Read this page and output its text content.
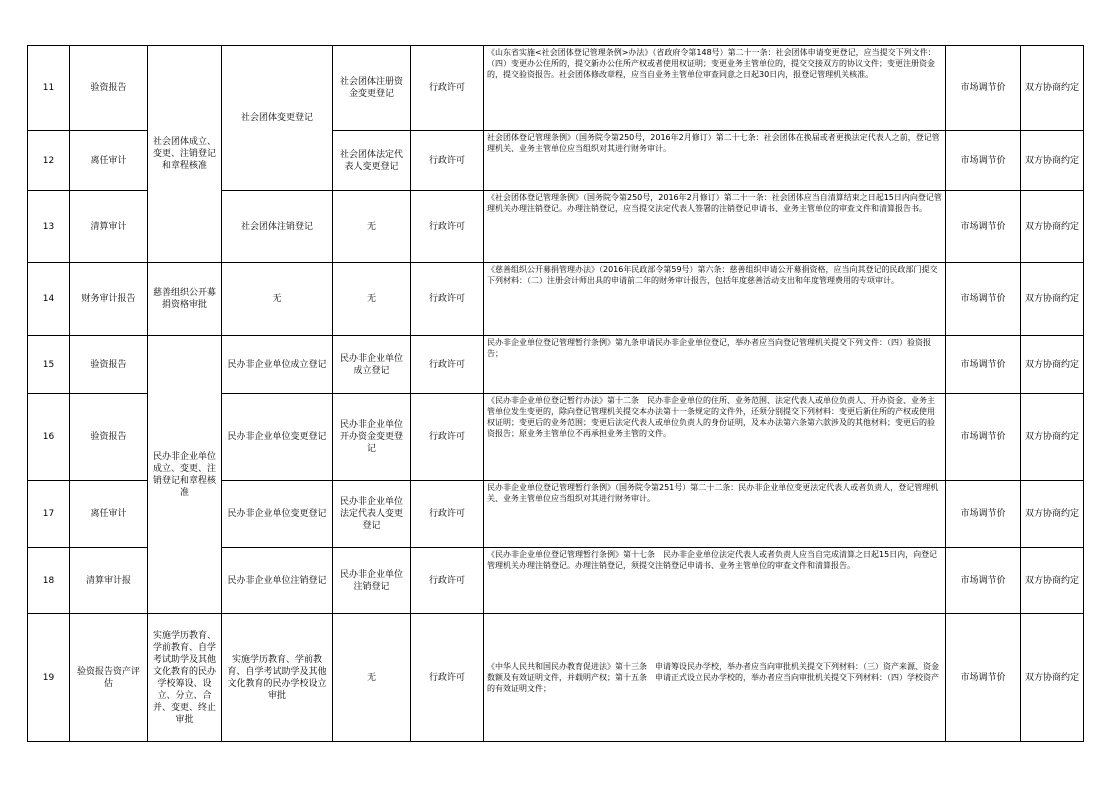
11	验资报告	社会团体成立、变更、注销登记和章程核准	社会团体变更登记	社会团体注册资金变更登记	行政许可	《山东省实施<社会团体登记管理条例>办法》（省政府令第148号）第二十一条：社会团体申请变更登记，应当提交下列文件：（四）变更办公住所的，提交新办公住所产权或者使用权证明；变更业务主管单位的，提交交接双方的协议文件；变更注册资金的，提交验资报告。社会团体修改章程，应当自业务主管单位审查同意之日起30日内，报登记管理机关核准。	市场调节价	双方协商约定
12	离任审计			社会团体法定代表人变更登记	行政许可	社会团体登记管理条例》（国务院令第250号，2016年2月修订）第二十七条：社会团体在换届或者更换法定代表人之前，登记管理机关、业务主管单位应当组织对其进行财务审计。	市场调节价	双方协商约定
13	清算审计		社会团体注销登记	无	行政许可	《社会团体登记管理条例》（国务院令第250号，2016年2月修订）第二十一条：社会团体应当自清算结束之日起15日内向登记管理机关办理注销登记。办理注销登记，应当提交法定代表人签署的注销登记申请书、业务主管单位的审查文件和清算报告书。	市场调节价	双方协商约定
14	财务审计报告	慈善组织公开募捐资格审批	无	无	行政许可	《慈善组织公开募捐管理办法》（2016年民政部令第59号）第六条：慈善组织申请公开募捐资格，应当向其登记的民政部门提交下列材料：（二）注册会计师出具的申请前二年的财务审计报告，包括年度慈善活动支出和年度管理费用的专项审计。	市场调节价	双方协商约定
15	验资报告	民办非企业单位成立、变更、注销登记和章程核准	民办非企业单位成立登记	民办非企业单位成立登记	行政许可	民办非企业单位登记管理暂行条例》第九条申请民办非企业单位登记，举办者应当向登记管理机关提交下列文件：（四）验资报告；	市场调节价	双方协商约定
16	验资报告		民办非企业单位变更登记	民办非企业单位开办资金变更登记	行政许可	《民办非企业单位登记暂行办法》第十二条　民办非企业单位的住所、业务范围、法定代表人或单位负责人、开办资金、业务主管单位发生变更的，除向登记管理机关提交本办法第十一条规定的文件外，还须分别提交下列材料：变更后新住所的产权或使用权证明；变更后的业务范围；变更后法定代表人或单位负责人的身份证明，及本办法第六条第六款涉及的其他材料；变更后的验资报告；原业务主管单位不再承担业务主管的文件。	市场调节价	双方协商约定
17	离任审计		民办非企业单位变更登记	民办非企业单位法定代表人变更登记	行政许可	民办非企业单位登记管理暂行条例》（国务院令第251号）第二十二条：民办非企业单位变更法定代表人或者负责人，登记管理机关、业务主管单位应当组织对其进行财务审计。	市场调节价	双方协商约定
18	清算审计报		民办非企业单位注销登记	民办非企业单位注销登记	行政许可	《民办非企业单位登记管理暂行条例》第十七条　民办非企业单位法定代表人或者负责人应当自完成清算之日起15日内，向登记管理机关办理注销登记。办理注销登记，须提交注销登记申请书、业务主管单位的审查文件和清算报告。	市场调节价	双方协商约定
19	验资报告资产评估	实施学历教育、学前教育、自学考试助学及其他文化教育的民办学校筹设、设立、分立、合并、变更、终止审批	实施学历教育、学前教育、自学考试助学及其他文化教育的民办学校设立审批	无	行政许可	《中华人民共和国民办教育促进法》第十三条　申请筹设民办学校，举办者应当向审批机关提交下列材料：（三）资产来源、资金数额及有效证明文件，并载明产权；第十五条　申请正式设立民办学校的，举办者应当向审批机关提交下列材料：（四）学校资产的有效证明文件；	市场调节价	双方协商约定
